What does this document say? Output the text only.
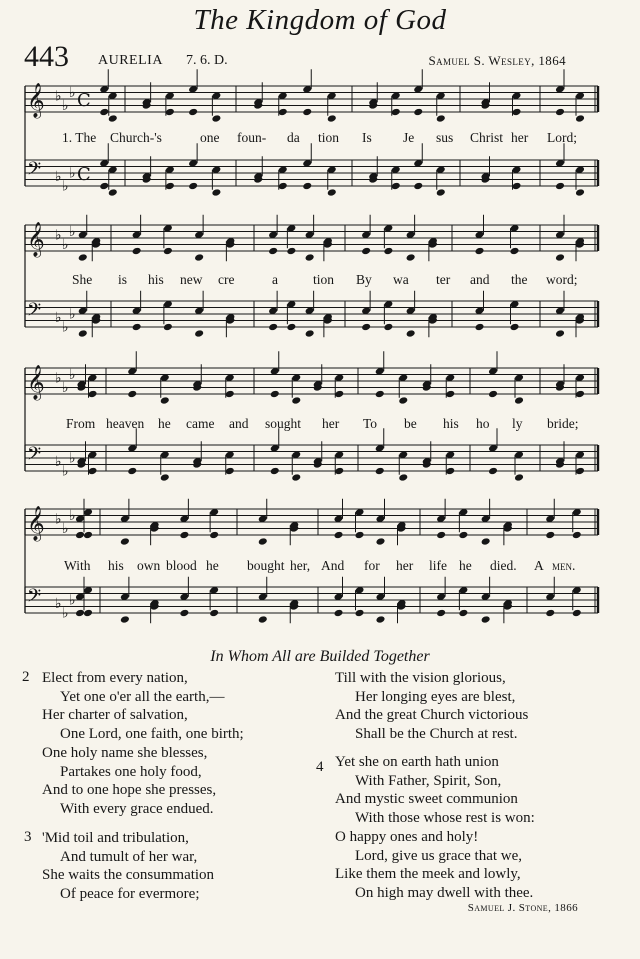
The Kingdom of God
443 AURELIA 7. 6. D.	Samuel S. Wesley, 1864
𝄞 ♭
♭
♭ C
𝄢 ♭
♭
♭ C
𝄞 ♭
♭
♭
𝄢 ♭
♭
♭
𝄞 ♭
♭
♭
𝄢 ♭
♭
♭
𝄞 ♭
♭
♭
𝄢 ♭
♭
♭
1. The Church-'s	one foun- da tion Is Je sus Christ her Lord;
She is his new cre	a	tion By wa ter and the word;
From heaven he came and sought her To be his ho ly bride;
With his own blood he bought her, And for her life he died. A men.
In Whom All are Builded Together
2 Elect from every nation,
Yet one o'er all the earth,—
Her charter of salvation,
One Lord, one faith, one birth;
One holy name she blesses,
Partakes one holy food,
And to one hope she presses,
With every grace endued.
3 'Mid toil and tribulation,
And tumult of her war,
She waits the consummation
Of peace for evermore;
Till with the vision glorious,
Her longing eyes are blest,
And the great Church victorious
Shall be the Church at rest.
4 Yet she on earth hath union
With Father, Spirit, Son,
And mystic sweet communion
With those whose rest is won:
O happy ones and holy!
Lord, give us grace that we,
Like them the meek and lowly,
On high may dwell with thee.
Samuel J. Stone, 1866
